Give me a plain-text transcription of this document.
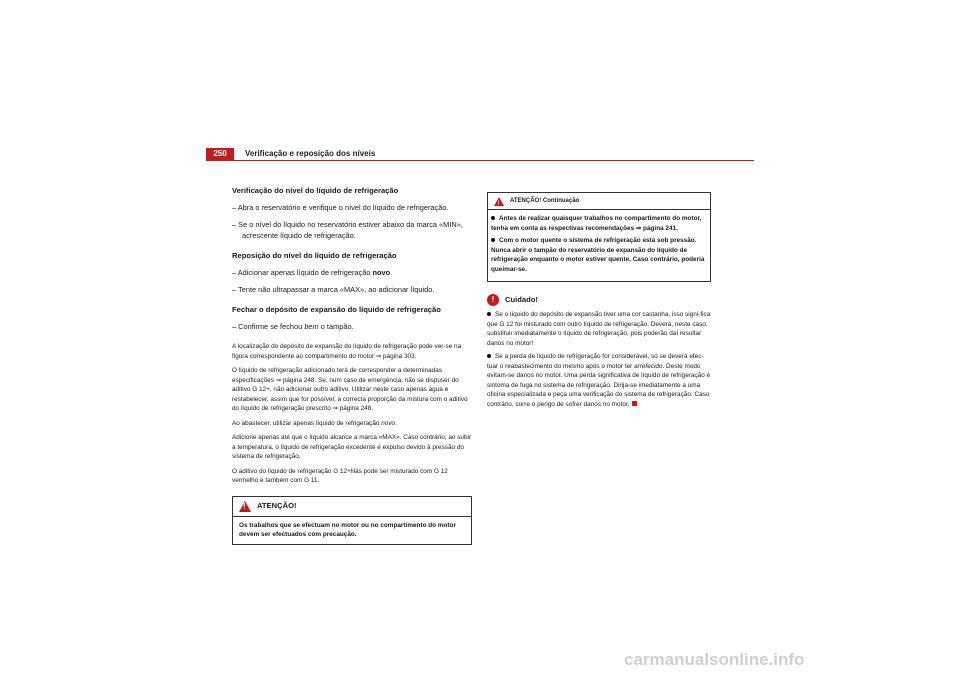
250	Verificação e reposição dos níveis

Verificação do nível do líquido de refrigeração

– Abra o reservatório e verifique o nível do líquido de refrigeração.

– Se o nível do líquido no reservatório estiver abaixo da marca «MIN», acrescente líquido de refrigeração.

Reposição do nível do líquido de refrigeração

– Adicionar apenas líquido de refrigeração novo.

– Tente não ultrapassar a marca «MAX», ao adicionar líquido.

Fechar o depósito de expansão do líquido de refrigeração

– Confirme se fechou bem o tampão.

A localização do depósito de expansão do líquido de refrigeração pode ver-se na figura correspondente ao compartimento do motor ⇒ página 303.

O líquido de refrigeração adicionado terá de corresponder a determinadas especificações ⇒ página 248. Se, num caso de emergência, não se dispuser do aditivo G 12+, não adicionar outro aditivo. Utilizar neste caso apenas água e restabelecer, assim que for possível, a correcta proporção da mistura com o aditivo do líquido de refrigeração prescrito ⇒ página 248.

Ao abastecer, utilizar apenas líquido de refrigeração novo.

Adicione apenas até que o líquido alcance a marca «MAX». Caso contrário, ao subir a temperatura, o líquido de refrigeração excedente é expulso devido à pressão do sistema de refrigeração.

O aditivo do líquido de refrigeração G 12+lilás pode ser misturado com G 12 vermelho e também com G 11.

!
ATENÇÃO!
Os trabalhos que se efectuam no motor ou no compartimento do motor devem ser efectuados com precaução.
!
ATENÇÃO! Continuação

Antes de realizar quaisquer trabalhos no compartimento do motor, tenha em conta as respectivas recomendações ⇒ página 241.

Com o motor quente o sistema de refrigeração está sob pressão. Nunca abrir o tampão do reservatório de expansão do líquido de refrigeração enquanto o motor estiver quente. Caso contrário, poderia queimar-se.

!	Cuidado!

Se o líquido do depósito de expansão tiver uma cor castanha, isso signi-fica que G 12 foi misturado com outro líquido de refrigeração. Deverá, neste caso, substituir imediatamente o líquido de refrigeração, pois poderão daí resultar danos no motor!

Se a perda de líquido de refrigeração for considerável, só se deverá efec-tuar o reabastecimento do mesmo após o motor ter arrefecido. Deste modo evitam-se danos no motor. Uma perda significativa de líquido de refrigeração é sintoma de fuga no sistema de refrigeração. Dirija-se imediatamente a uma oficina especializada e peça uma verificação do sistema de refrigeração. Caso contrário, corre o perigo de sofrer danos no motor.

carmanualsonline.info
